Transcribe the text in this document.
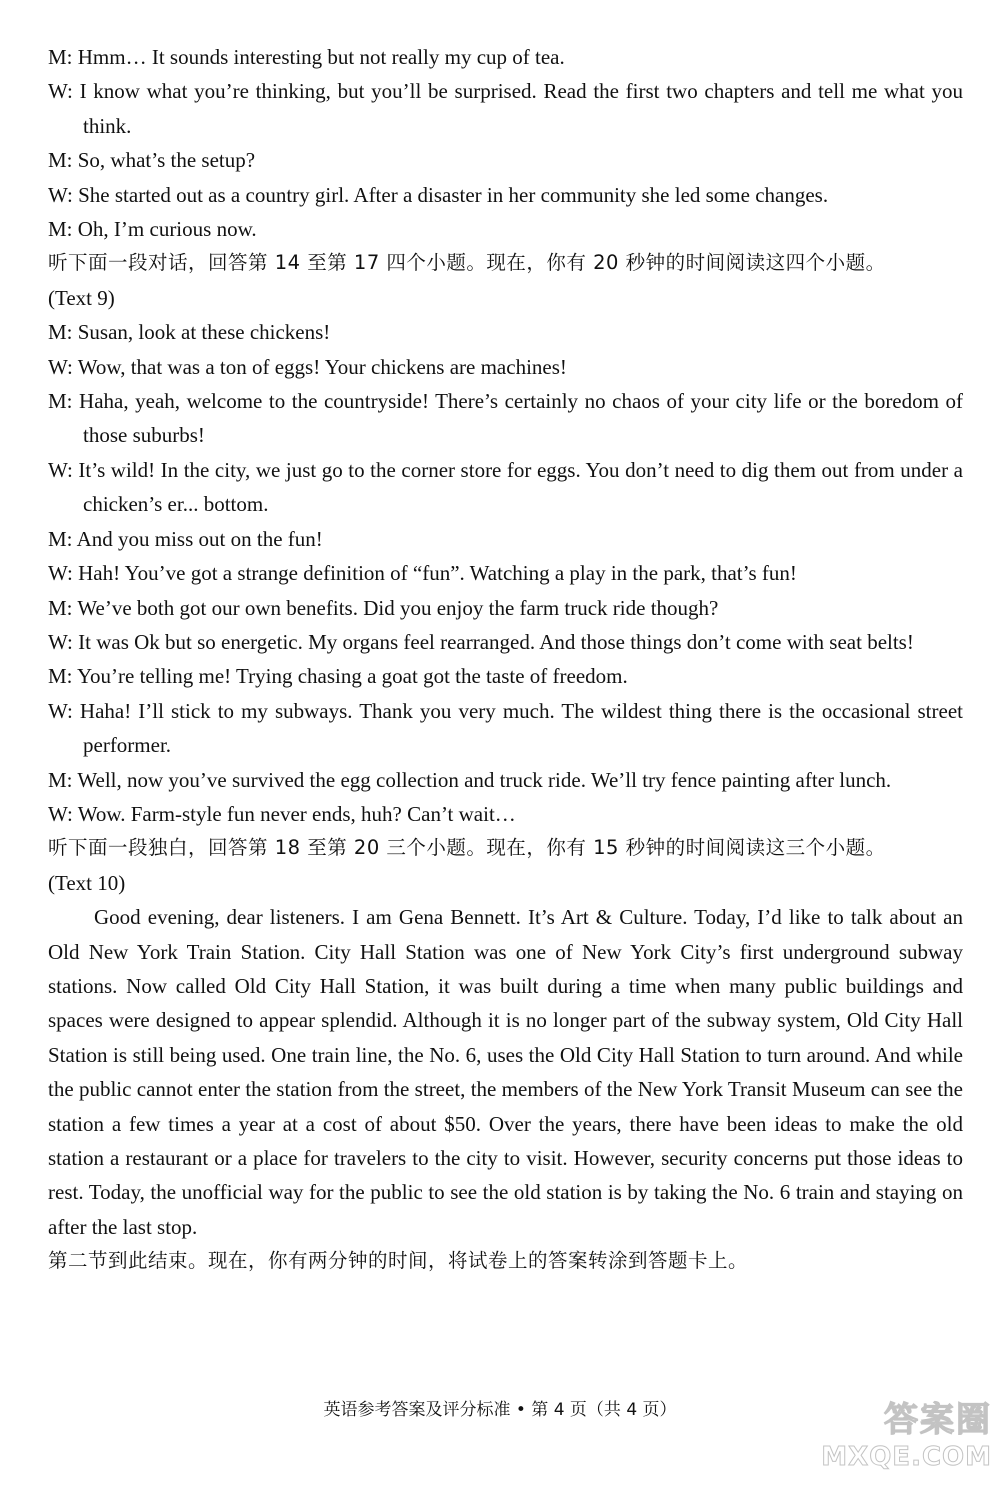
M: Hmm… It sounds interesting but not really my cup of tea.

W: I know what you’re thinking, but you’ll be surprised. Read the first two chapters and tell me what you think.

M: So, what’s the setup?

W: She started out as a country girl. After a disaster in her community she led some changes.

M: Oh, I’m curious now.

听下面一段对话，回答第 14 至第 17 四个小题。现在，你有 20 秒钟的时间阅读这四个小题。

(Text 9)

M: Susan, look at these chickens!

W: Wow, that was a ton of eggs! Your chickens are machines!

M: Haha, yeah, welcome to the countryside! There’s certainly no chaos of your city life or the boredom of those suburbs!

W: It’s wild! In the city, we just go to the corner store for eggs. You don’t need to dig them out from under a chicken’s er... bottom.

M: And you miss out on the fun!

W: Hah! You’ve got a strange definition of “fun”. Watching a play in the park, that’s fun!

M: We’ve both got our own benefits. Did you enjoy the farm truck ride though?

W: It was Ok but so energetic. My organs feel rearranged. And those things don’t come with seat belts!

M: You’re telling me! Trying chasing a goat got the taste of freedom.

W: Haha! I’ll stick to my subways. Thank you very much. The wildest thing there is the occasional street performer.

M: Well, now you’ve survived the egg collection and truck ride. We’ll try fence painting after lunch.

W: Wow. Farm-style fun never ends, huh? Can’t wait…

听下面一段独白，回答第 18 至第 20 三个小题。现在，你有 15 秒钟的时间阅读这三个小题。

(Text 10)

Good evening, dear listeners. I am Gena Bennett. It’s Art & Culture. Today, I’d like to talk about an Old New York Train Station. City Hall Station was one of New York City’s first underground subway stations. Now called Old City Hall Station, it was built during a time when many public buildings and spaces were designed to appear splendid. Although it is no longer part of the subway system, Old City Hall Station is still being used. One train line, the No. 6, uses the Old City Hall Station to turn around. And while the public cannot enter the station from the street, the members of the New York Transit Museum can see the station a few times a year at a cost of about $50. Over the years, there have been ideas to make the old station a restaurant or a place for travelers to the city to visit. However, security concerns put those ideas to rest. Today, the unofficial way for the public to see the old station is by taking the No. 6 train and staying on after the last stop.

第二节到此结束。现在，你有两分钟的时间，将试卷上的答案转涂到答题卡上。

英语参考答案及评分标准 • 第 4 页（共 4 页）	答案圈
MXQE.COM
